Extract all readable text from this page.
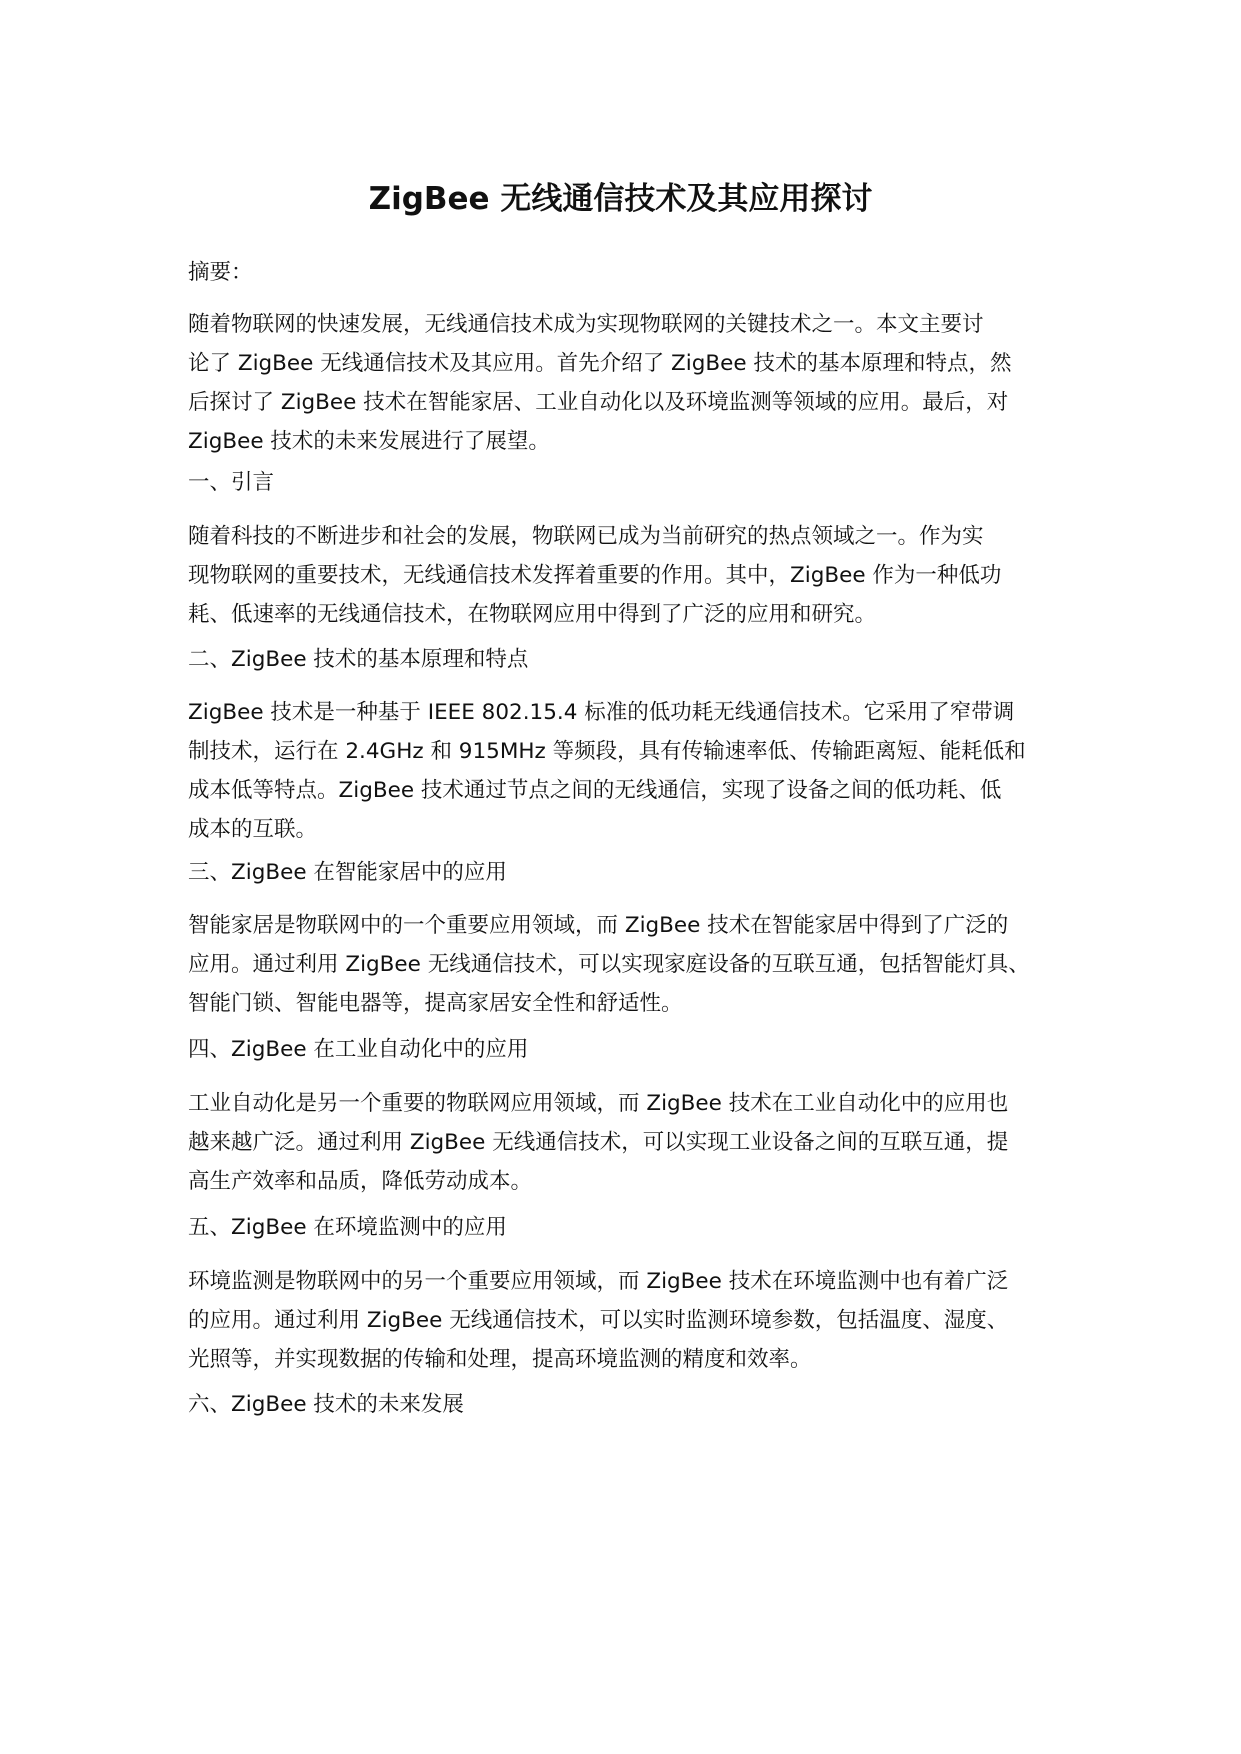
ZigBee 无线通信技术及其应用探讨

摘要：

随着物联网的快速发展，无线通信技术成为实现物联网的关键技术之一。本文主要讨
论了 ZigBee 无线通信技术及其应用。首先介绍了 ZigBee 技术的基本原理和特点，然
后探讨了 ZigBee 技术在智能家居、工业自动化以及环境监测等领域的应用。最后，对
ZigBee 技术的未来发展进行了展望。

一、引言

随着科技的不断进步和社会的发展，物联网已成为当前研究的热点领域之一。作为实
现物联网的重要技术，无线通信技术发挥着重要的作用。其中，ZigBee 作为一种低功
耗、低速率的无线通信技术，在物联网应用中得到了广泛的应用和研究。

二、ZigBee 技术的基本原理和特点

ZigBee 技术是一种基于 IEEE 802.15.4 标准的低功耗无线通信技术。它采用了窄带调
制技术，运行在 2.4GHz 和 915MHz 等频段，具有传输速率低、传输距离短、能耗低和
成本低等特点。ZigBee 技术通过节点之间的无线通信，实现了设备之间的低功耗、低
成本的互联。

三、ZigBee 在智能家居中的应用

智能家居是物联网中的一个重要应用领域，而 ZigBee 技术在智能家居中得到了广泛的
应用。通过利用 ZigBee 无线通信技术，可以实现家庭设备的互联互通，包括智能灯具、
智能门锁、智能电器等，提高家居安全性和舒适性。

四、ZigBee 在工业自动化中的应用

工业自动化是另一个重要的物联网应用领域，而 ZigBee 技术在工业自动化中的应用也
越来越广泛。通过利用 ZigBee 无线通信技术，可以实现工业设备之间的互联互通，提
高生产效率和品质，降低劳动成本。

五、ZigBee 在环境监测中的应用

环境监测是物联网中的另一个重要应用领域，而 ZigBee 技术在环境监测中也有着广泛
的应用。通过利用 ZigBee 无线通信技术，可以实时监测环境参数，包括温度、湿度、
光照等，并实现数据的传输和处理，提高环境监测的精度和效率。

六、ZigBee 技术的未来发展
